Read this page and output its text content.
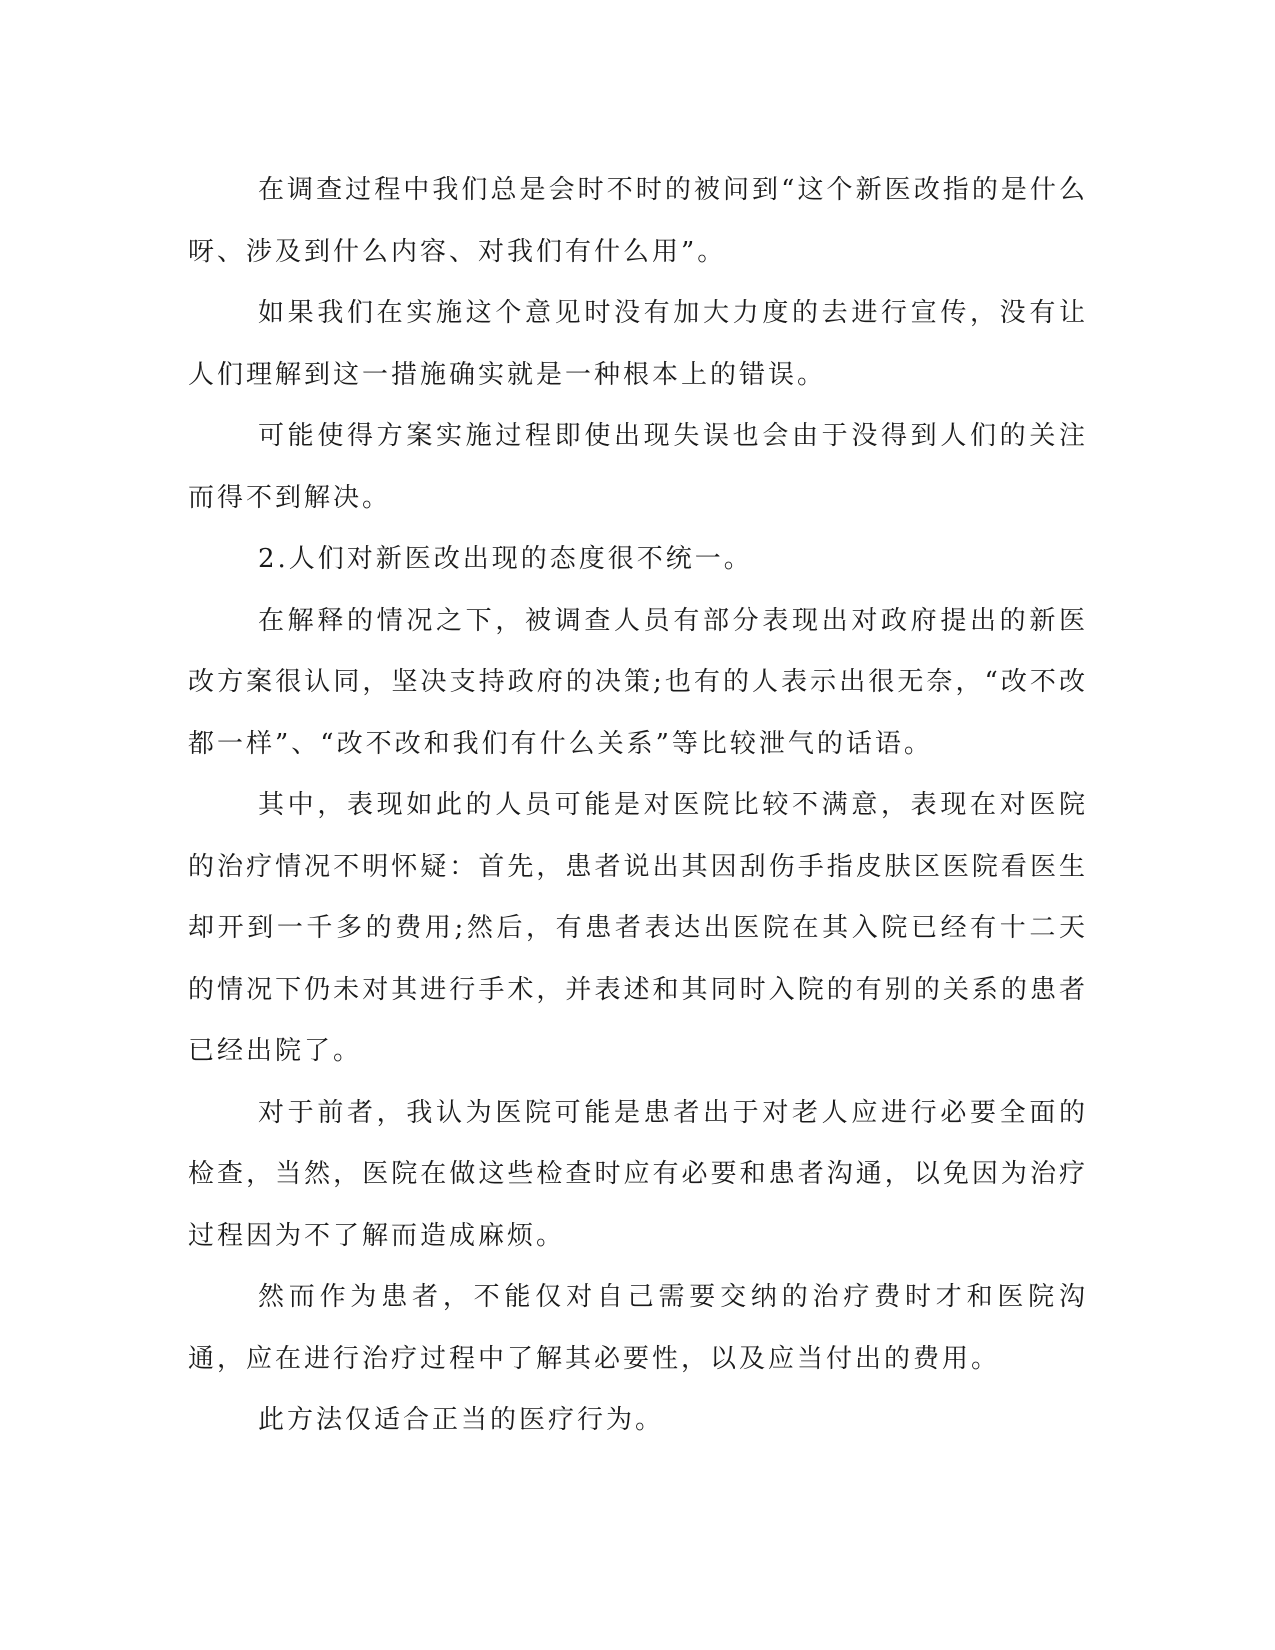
在调查过程中我们总是会时不时的被问到“这个新医改指的是什么呀、涉及到什么内容、对我们有什么用”。

如果我们在实施这个意见时没有加大力度的去进行宣传，没有让人们理解到这一措施确实就是一种根本上的错误。

可能使得方案实施过程即使出现失误也会由于没得到人们的关注而得不到解决。

2.人们对新医改出现的态度很不统一。

在解释的情况之下，被调查人员有部分表现出对政府提出的新医改方案很认同，坚决支持政府的决策;也有的人表示出很无奈，“改不改都一样”、“改不改和我们有什么关系”等比较泄气的话语。

其中，表现如此的人员可能是对医院比较不满意，表现在对医院的治疗情况不明怀疑：首先，患者说出其因刮伤手指皮肤区医院看医生却开到一千多的费用;然后，有患者表达出医院在其入院已经有十二天的情况下仍未对其进行手术，并表述和其同时入院的有别的关系的患者已经出院了。

对于前者，我认为医院可能是患者出于对老人应进行必要全面的检查，当然，医院在做这些检查时应有必要和患者沟通，以免因为治疗过程因为不了解而造成麻烦。

然而作为患者，不能仅对自己需要交纳的治疗费时才和医院沟通，应在进行治疗过程中了解其必要性，以及应当付出的费用。

此方法仅适合正当的医疗行为。
